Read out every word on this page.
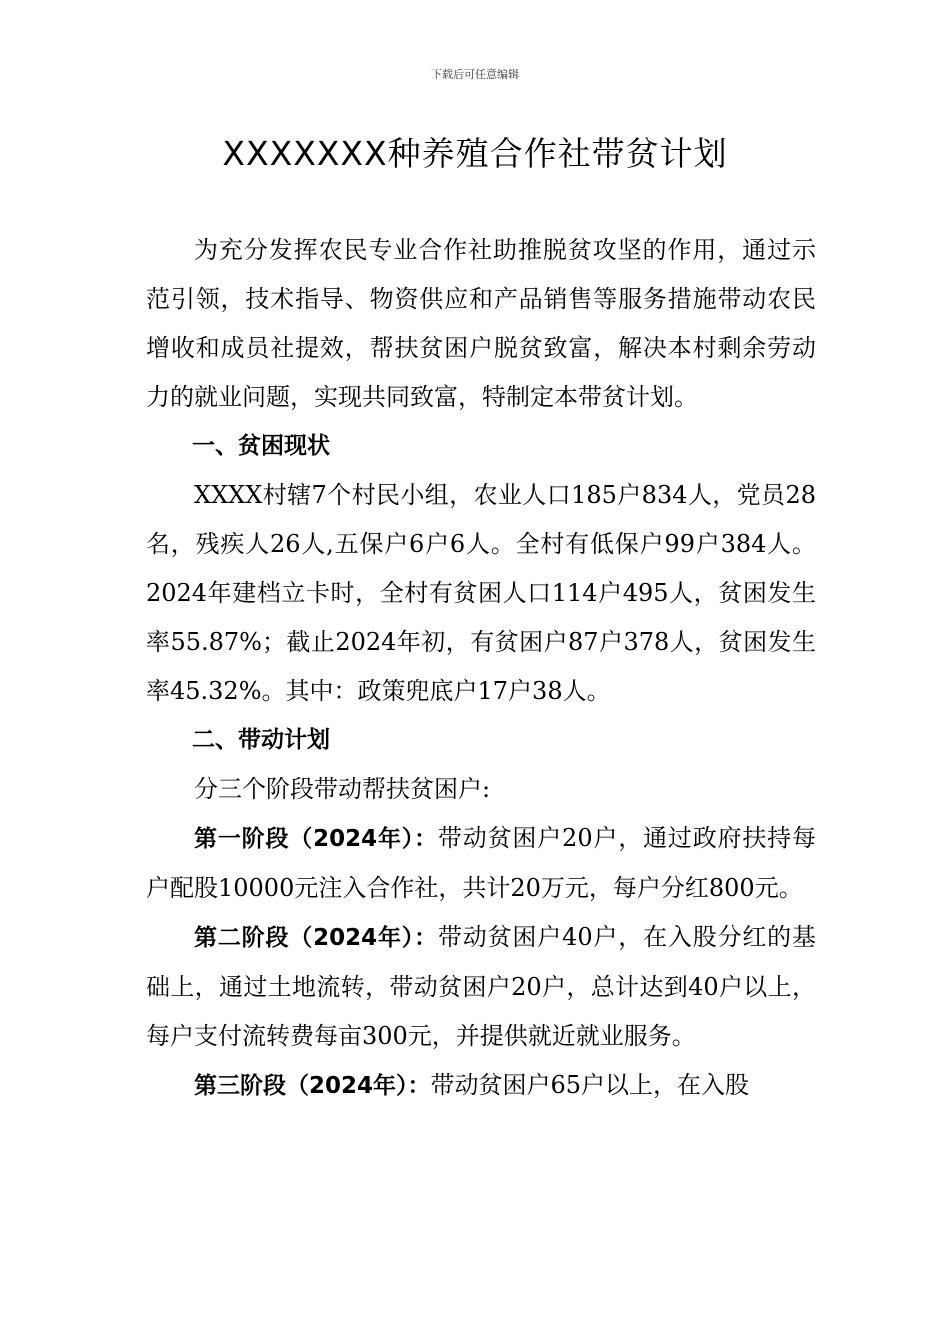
下载后可任意编辑
XXXXXXX种养殖合作社带贫计划

为充分发挥农民专业合作社助推脱贫攻坚的作用，通过示范引领，技术指导、物资供应和产品销售等服务措施带动农民增收和成员社提效，帮扶贫困户脱贫致富，解决本村剩余劳动力的就业问题，实现共同致富，特制定本带贫计划。

一、贫困现状

XXXX村辖7个村民小组，农业人口185户834人，党员28名，残疾人26人,五保户6户6人。全村有低保户99户384人。2024年建档立卡时，全村有贫困人口114户495人，贫困发生率55.87%；截止2024年初，有贫困户87户378人，贫困发生率45.32%。其中：政策兜底户17户38人。

二、带动计划

分三个阶段带动帮扶贫困户:

第一阶段（2024年）：带动贫困户20户，通过政府扶持每户配股10000元注入合作社，共计20万元，每户分红800元。

第二阶段（2024年）：带动贫困户40户，在入股分红的基础上，通过土地流转，带动贫困户20户，总计达到40户以上，每户支付流转费每亩300元，并提供就近就业服务。

第三阶段（2024年）：带动贫困户65户以上，在入股
